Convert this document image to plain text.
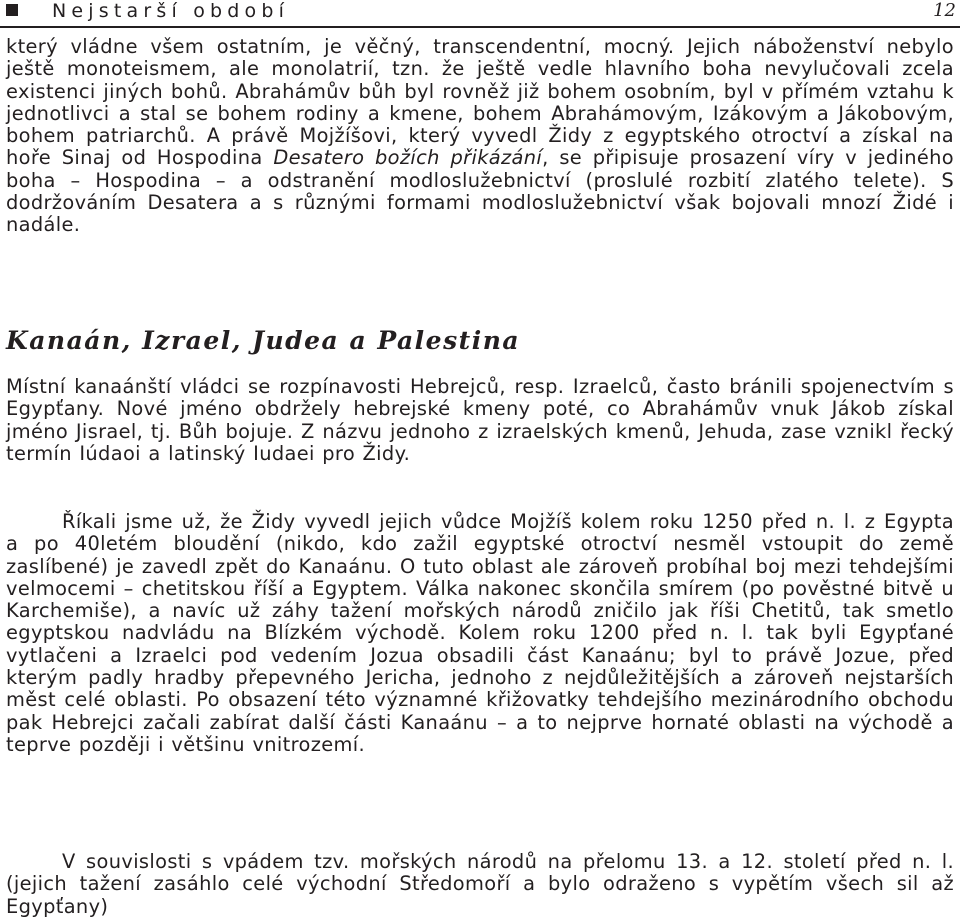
Nejstarší období	12

který vládne všem ostatním, je věčný, transcendentní, mocný. Jejich náboženství nebylo ještě monoteismem, ale monolatrií, tzn. že ještě vedle hlavního boha nevylučovali zcela existenci jiných bohů. Abrahámův bůh byl rovněž již bohem osobním, byl v přímém vztahu k jednotlivci a stal se bohem rodiny a kmene, bohem Abrahámovým, Izákovým a Jákobovým, bohem patriarchů. A právě Mojžíšovi, který vyvedl Židy z egyptského otroctví a získal na hoře Sinaj od Hospodina Desatero božích přikázání, se připisuje prosazení víry v jediného boha – Hospodina – a odstranění modloslužebnictví (proslulé rozbití zlatého telete). S dodržováním Desatera a s různými formami modloslužebnictví však bojovali mnozí Židé i nadále.

Kanaán, Izrael, Judea a Palestina

Místní kanaánští vládci se rozpínavosti Hebrejců, resp. Izraelců, často bránili spojenectvím s Egypťany. Nové jméno obdržely hebrejské kmeny poté, co Abrahámův vnuk Jákob získal jméno Jisrael, tj. Bůh bojuje. Z názvu jednoho z izraelských kmenů, Jehuda, zase vznikl řecký termín Iúdaoi a latinský Iudaei pro Židy.

Říkali jsme už, že Židy vyvedl jejich vůdce Mojžíš kolem roku 1250 před n. l. z Egypta a po 40letém bloudění (nikdo, kdo zažil egyptské otroctví nesměl vstoupit do země zaslíbené) je zavedl zpět do Kanaánu. O tuto oblast ale zároveň probíhal boj mezi tehdejšími velmocemi – chetitskou říší a Egyptem. Válka nakonec skončila smírem (po pověstné bitvě u Karchemiše), a navíc už záhy tažení mořských národů zničilo jak říši Chetitů, tak smetlo egyptskou nadvládu na Blízkém východě. Kolem roku 1200 před n. l. tak byli Egypťané vytlačeni a Izraelci pod vedením Jozua obsadili část Kanaánu; byl to právě Jozue, před kterým padly hradby přepevného Jericha, jednoho z nejdůležitějších a zároveň nejstarších měst celé oblasti. Po obsazení této významné křižovatky tehdejšího mezinárodního obchodu pak Hebrejci začali zabírat další části Kanaánu – a to nejprve hornaté oblasti na východě a teprve později i většinu vnitrozemí.

V souvislosti s vpádem tzv. mořských národů na přelomu 13. a 12. století před n. l. (jejich tažení zasáhlo celé východní Středomoří a bylo odraženo s vypětím všech sil až Egypťany)
